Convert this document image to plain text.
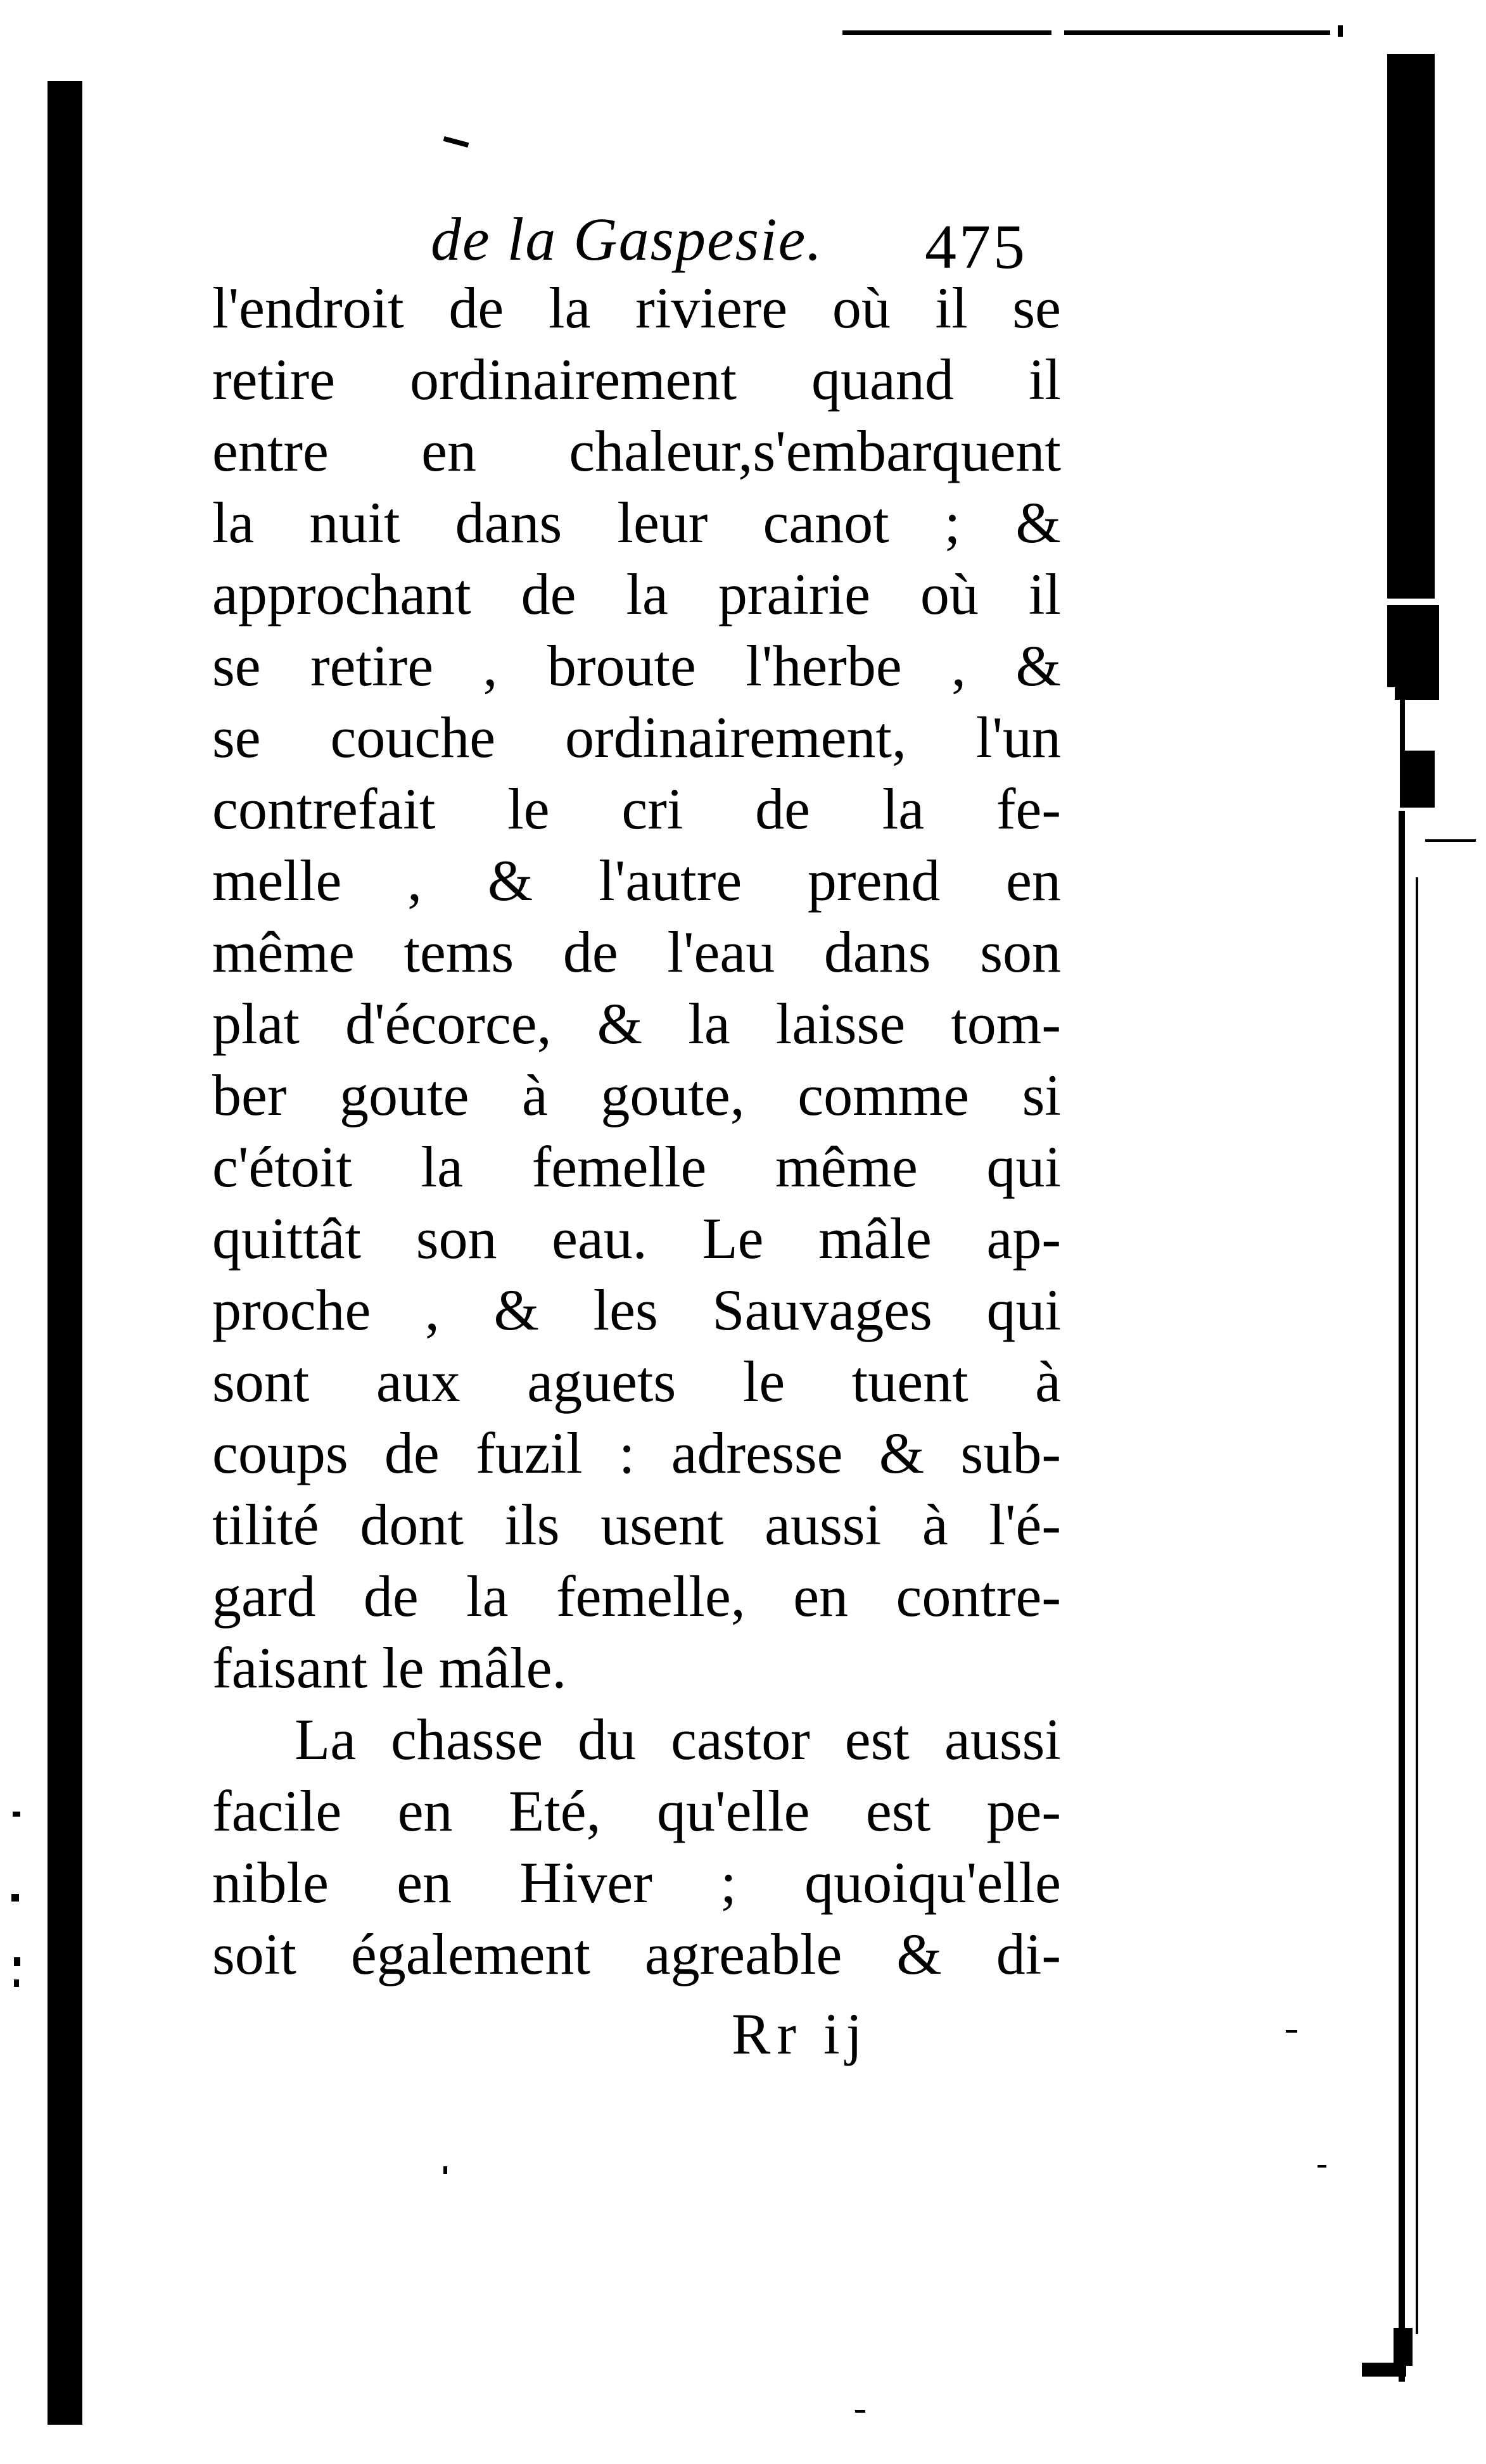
de la Gaspesie. 475
l'endroit de la riviere où il se
retire ordinairement quand il
entre en chaleur,s'embarquent
la nuit dans leur canot ; &
approchant de la prairie où il
se retire , broute l'herbe , &
se couche ordinairement, l'un
contrefait le cri de la fe-
melle , & l'autre prend en
même tems de l'eau dans son
plat d'écorce, & la laisse tom-
ber goute à goute, comme si
c'étoit la femelle même qui
quittât son eau. Le mâle ap-
proche , & les Sauvages qui
sont aux aguets le tuent à
coups de fuzil : adresse & sub-
tilité dont ils usent aussi à l'é-
gard de la femelle, en contre-
faisant le mâle.
La chasse du castor est aussi
facile en Eté, qu'elle est pe-
nible en Hiver ; quoiqu'elle
soit également agreable & di-
Rr ij
